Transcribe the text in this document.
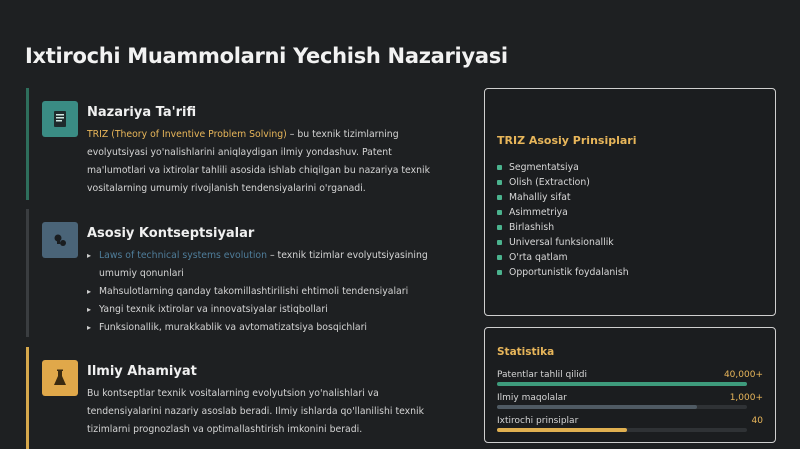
Ixtirochi Muammolarni Yechish Nazariyasi
Nazariya Ta'rifi
TRIZ (Theory of Inventive Problem Solving) – bu texnik tizimlarning evolyutsiyasi yo'nalishlarini aniqlaydigan ilmiy yondashuv. Patent ma'lumotlari va ixtirolar tahlili asosida ishlab chiqilgan bu nazariya texnik vositalarning umumiy rivojlanish tendensiyalarini o'rganadi.
Asosiy Kontseptsiyalar
▸ Laws of technical systems evolution – texnik tizimlar evolyutsiyasining umumiy qonunlari
▸ Mahsulotlarning qanday takomillashtirilishi ehtimoli tendensiyalari
▸ Yangi texnik ixtirolar va innovatsiyalar istiqbollari
▸ Funksionallik, murakkablik va avtomatizatsiya bosqichlari
Ilmiy Ahamiyat
Bu kontseptlar texnik vositalarning evolyutsion yo'nalishlari va tendensiyalarini nazariy asoslab beradi. Ilmiy ishlarda qo'llanilishi texnik tizimlarni prognozlash va optimallashtirish imkonini beradi.
TRIZ Asosiy Prinsiplari
Segmentatsiya
Olish (Extraction)
Mahalliy sifat
Asimmetriya
Birlashish
Universal funksionallik
O'rta qatlam
Opportunistik foydalanish
Statistika
Patentlar tahlil qilidi	40,000+
Ilmiy maqolalar	1,000+
Ixtirochi prinsiplar	40
